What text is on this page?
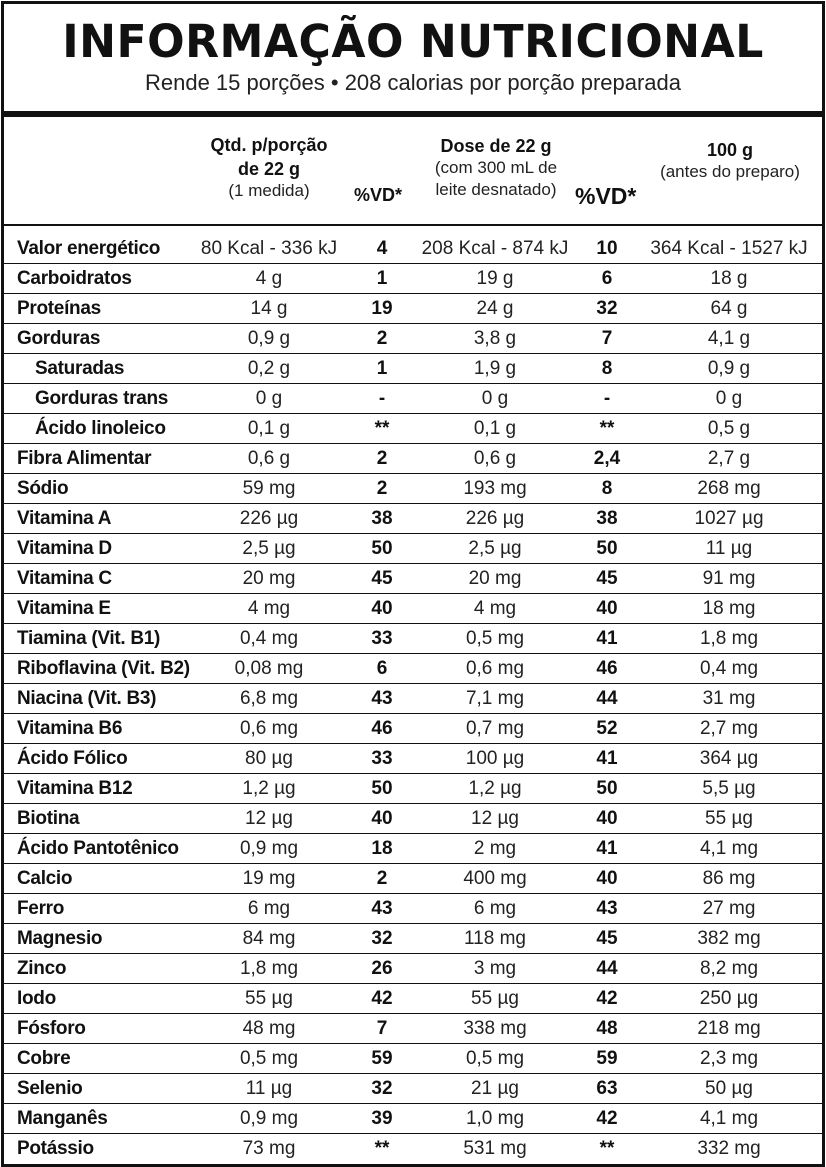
INFORMAÇÃO NUTRICIONAL
Rende 15 porções • 208 calorias por porção preparada
Qtd. p/porção
de 22 g
(1 medida)	%VD*
Dose de 22 g
(com 300 mL de
leite desnatado) %VD*
100 g
(antes do preparo)
Valor energético	80 Kcal - 336 kJ	4	208 Kcal - 874 kJ	10	364 Kcal - 1527 kJ
Carboidratos	4 g	1	19 g	6	18 g
Proteínas	14 g	19	24 g	32	64 g
Gorduras	0,9 g	2	3,8 g	7	4,1 g
Saturadas	0,2 g	1	1,9 g	8	0,9 g
Gorduras trans	0 g	-	0 g	-	0 g
Ácido linoleico	0,1 g	**	0,1 g	**	0,5 g
Fibra Alimentar	0,6 g	2	0,6 g	2,4	2,7 g
Sódio	59 mg	2	193 mg	8	268 mg
Vitamina A	226 µg	38	226 µg	38	1027 µg
Vitamina D	2,5 µg	50	2,5 µg	50	11 µg
Vitamina C	20 mg	45	20 mg	45	91 mg
Vitamina E	4 mg	40	4 mg	40	18 mg
Tiamina (Vit. B1)	0,4 mg	33	0,5 mg	41	1,8 mg
Riboflavina (Vit. B2)	0,08 mg	6	0,6 mg	46	0,4 mg
Niacina (Vit. B3)	6,8 mg	43	7,1 mg	44	31 mg
Vitamina B6	0,6 mg	46	0,7 mg	52	2,7 mg
Ácido Fólico	80 µg	33	100 µg	41	364 µg
Vitamina B12	1,2 µg	50	1,2 µg	50	5,5 µg
Biotina	12 µg	40	12 µg	40	55 µg
Ácido Pantotênico	0,9 mg	18	2 mg	41	4,1 mg
Calcio	19 mg	2	400 mg	40	86 mg
Ferro	6 mg	43	6 mg	43	27 mg
Magnesio	84 mg	32	118 mg	45	382 mg
Zinco	1,8 mg	26	3 mg	44	8,2 mg
Iodo	55 µg	42	55 µg	42	250 µg
Fósforo	48 mg	7	338 mg	48	218 mg
Cobre	0,5 mg	59	0,5 mg	59	2,3 mg
Selenio	11 µg	32	21 µg	63	50 µg
Manganês	0,9 mg	39	1,0 mg	42	4,1 mg
Potássio	73 mg	**	531 mg	**	332 mg
